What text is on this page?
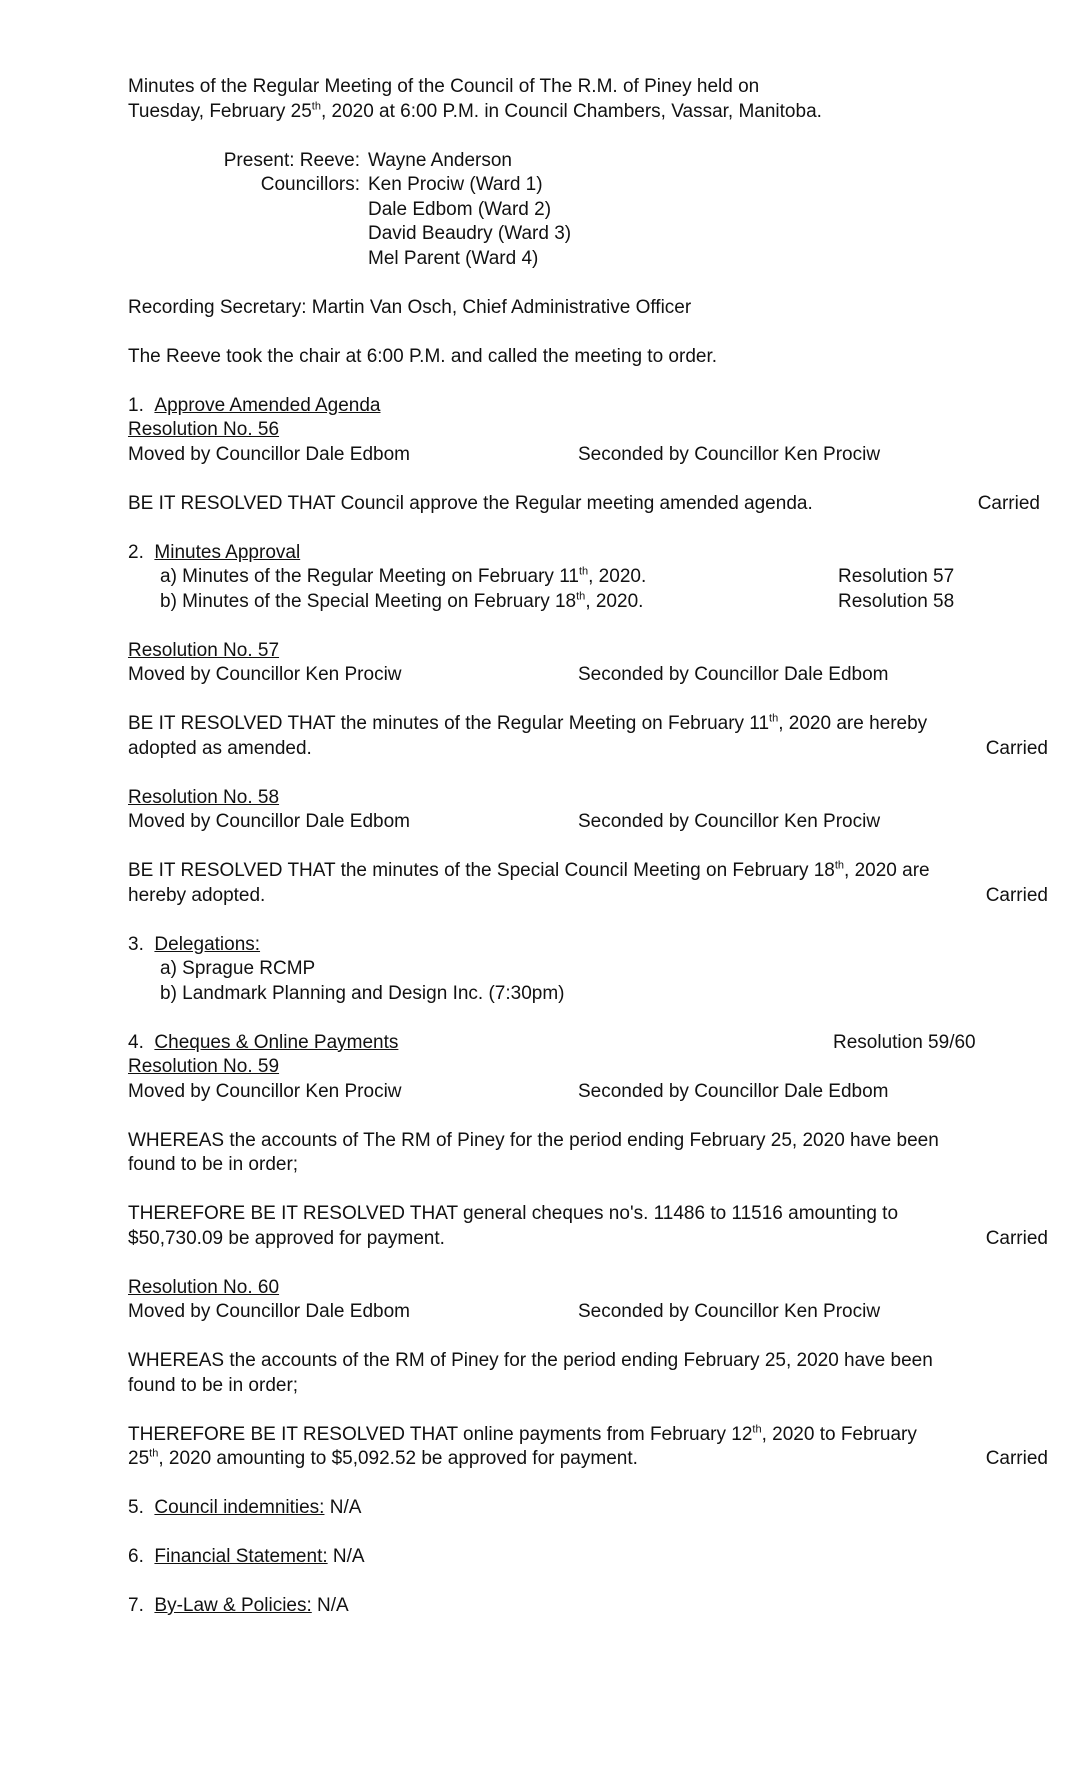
Minutes of the Regular Meeting of the Council of The R.M. of Piney held on
Tuesday, February 25th, 2020 at 6:00 P.M. in Council Chambers, Vassar, Manitoba.
Present: Reeve: Wayne Anderson
Councillors: Ken Prociw (Ward 1)
Dale Edbom (Ward 2)
David Beaudry (Ward 3)
Mel Parent (Ward 4)
Recording Secretary: Martin Van Osch, Chief Administrative Officer
The Reeve took the chair at 6:00 P.M. and called the meeting to order.
1. Approve Amended Agenda
Resolution No. 56
Moved by Councillor Dale Edbom	Seconded by Councillor Ken Prociw
BE IT RESOLVED THAT Council approve the Regular meeting amended agenda.	Carried
2. Minutes Approval
a) Minutes of the Regular Meeting on February 11th, 2020.	Resolution 57
b) Minutes of the Special Meeting on February 18th, 2020.	Resolution 58
Resolution No. 57
Moved by Councillor Ken Prociw	Seconded by Councillor Dale Edbom
BE IT RESOLVED THAT the minutes of the Regular Meeting on February 11th, 2020 are hereby
adopted as amended.	Carried
Resolution No. 58
Moved by Councillor Dale Edbom	Seconded by Councillor Ken Prociw
BE IT RESOLVED THAT the minutes of the Special Council Meeting on February 18th, 2020 are
hereby adopted.	Carried
3. Delegations:
a) Sprague RCMP
b) Landmark Planning and Design Inc. (7:30pm)
4. Cheques & Online Payments	Resolution 59/60
Resolution No. 59
Moved by Councillor Ken Prociw	Seconded by Councillor Dale Edbom
WHEREAS the accounts of The RM of Piney for the period ending February 25, 2020 have been
found to be in order;
THEREFORE BE IT RESOLVED THAT general cheques no's. 11486 to 11516 amounting to
$50,730.09 be approved for payment.	Carried
Resolution No. 60
Moved by Councillor Dale Edbom	Seconded by Councillor Ken Prociw
WHEREAS the accounts of the RM of Piney for the period ending February 25, 2020 have been
found to be in order;
THEREFORE BE IT RESOLVED THAT online payments from February 12th, 2020 to February
25th, 2020 amounting to $5,092.52 be approved for payment.	Carried
5. Council indemnities: N/A
6. Financial Statement: N/A
7. By-Law & Policies: N/A
